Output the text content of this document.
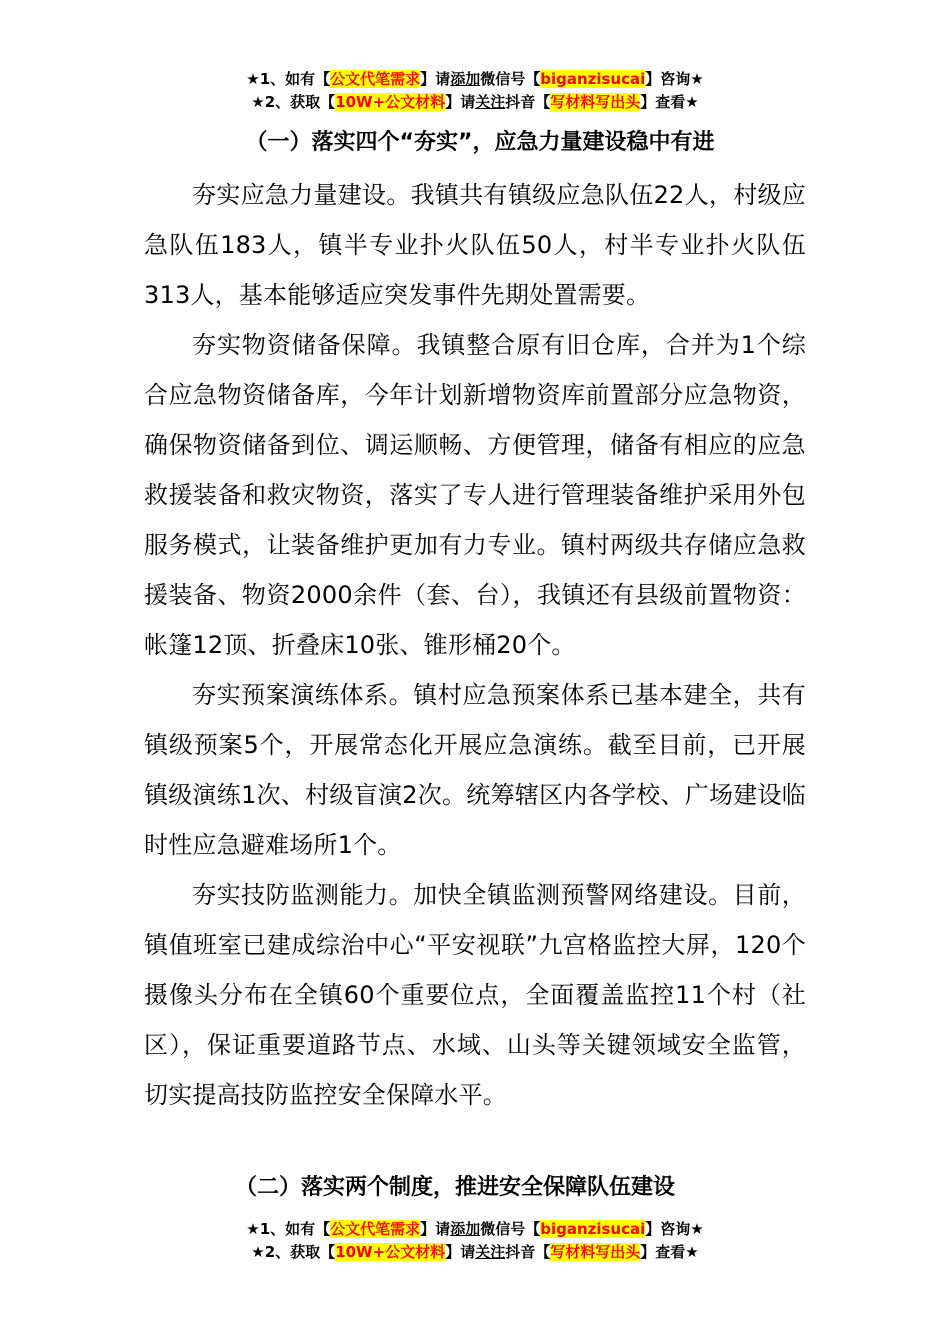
★1、如有【公文代笔需求】请添加微信号【biganzisucai】咨询★
★2、获取【10W+公文材料】请关注抖音【写材料写出头】查看★
（一）落实四个“夯实”，应急力量建设稳中有进

夯实应急力量建设。我镇共有镇级应急队伍22人，村级应急队伍183人，镇半专业扑火队伍50人，村半专业扑火队伍313人，基本能够适应突发事件先期处置需要。

夯实物资储备保障。我镇整合原有旧仓库，合并为1个综合应急物资储备库，今年计划新增物资库前置部分应急物资，确保物资储备到位、调运顺畅、方便管理，储备有相应的应急救援装备和救灾物资，落实了专人进行管理装备维护采用外包服务模式，让装备维护更加有力专业。镇村两级共存储应急救援装备、物资2000余件（套、台），我镇还有县级前置物资：帐篷12顶、折叠床10张、锥形桶20个。

夯实预案演练体系。镇村应急预案体系已基本建全，共有镇级预案5个，开展常态化开展应急演练。截至目前，已开展镇级演练1次、村级盲演2次。统筹辖区内各学校、广场建设临时性应急避难场所1个。

夯实技防监测能力。加快全镇监测预警网络建设。目前，镇值班室已建成综治中心“平安视联”九宫格监控大屏，120个摄像头分布在全镇60个重要位点，全面覆盖监控11个村（社区），保证重要道路节点、水域、山头等关键领域安全监管，切实提高技防监控安全保障水平。

（二）落实两个制度，推进安全保障队伍建设
★1、如有【公文代笔需求】请添加微信号【biganzisucai】咨询★
★2、获取【10W+公文材料】请关注抖音【写材料写出头】查看★
